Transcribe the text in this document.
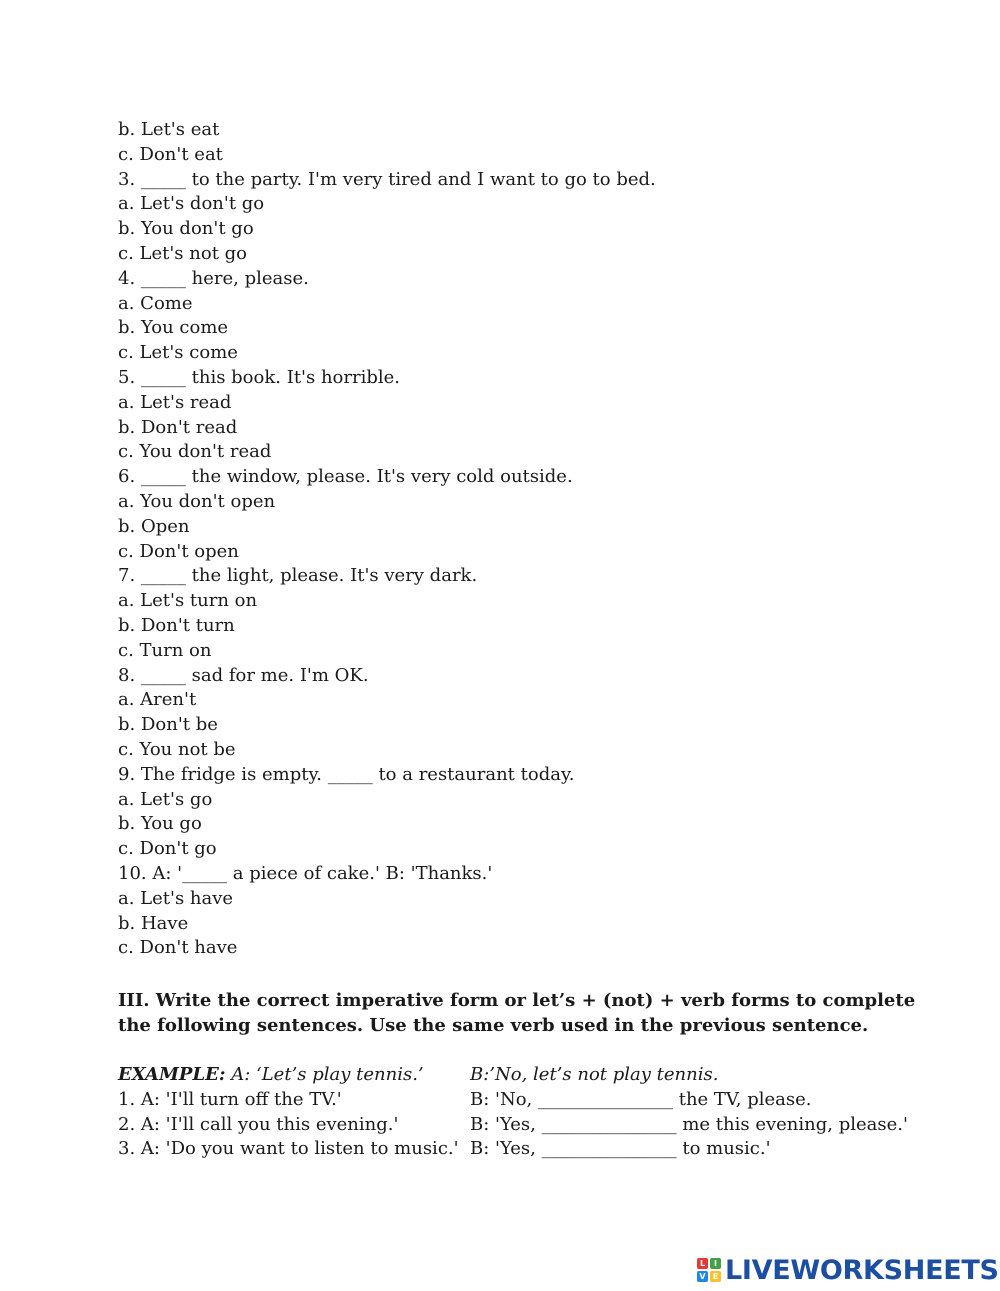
b. Let's eat
c. Don't eat
3. _____ to the party. I'm very tired and I want to go to bed.
a. Let's don't go
b. You don't go
c. Let's not go
4. _____ here, please.
a. Come
b. You come
c. Let's come
5. _____ this book. It's horrible.
a. Let's read
b. Don't read
c. You don't read
6. _____ the window, please. It's very cold outside.
a. You don't open
b. Open
c. Don't open
7. _____ the light, please. It's very dark.
a. Let's turn on
b. Don't turn
c. Turn on
8. _____ sad for me. I'm OK.
a. Aren't
b. Don't be
c. You not be
9. The fridge is empty. _____ to a restaurant today.
a. Let's go
b. You go
c. Don't go
10. A: '_____ a piece of cake.' B: 'Thanks.'
a. Let's have
b. Have
c. Don't have
III. Write the correct imperative form or let’s + (not) + verb forms to complete the following sentences. Use the same verb used in the previous sentence.
EXAMPLE: A: ‘Let’s play tennis.’	B:’No, let’s not play tennis.
1. A: 'I'll turn off the TV.'	B: 'No, _______________ the TV, please.
2. A: 'I'll call you this evening.'	B: 'Yes, _______________ me this evening, please.'
3. A: 'Do you want to listen to music.' B: 'Yes, _______________ to music.'
L	I
V E LIVEWORKSHEETS
